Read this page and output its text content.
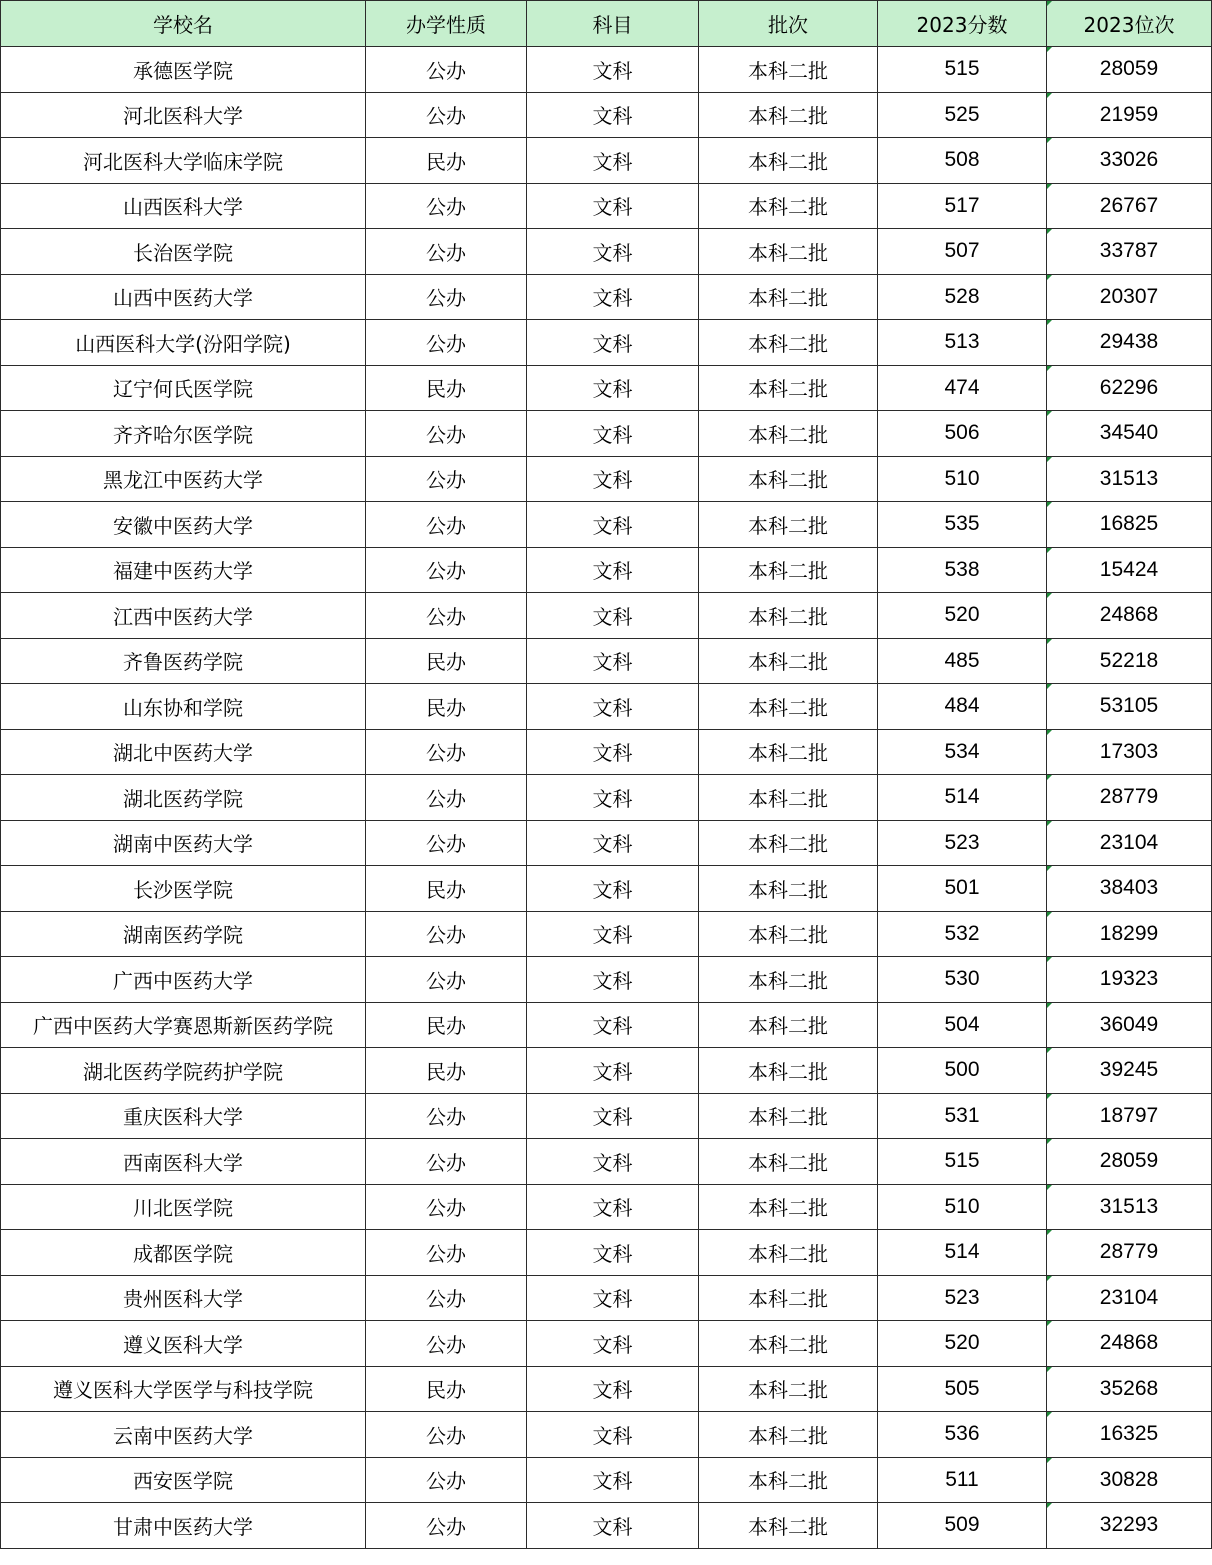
学校名	办学性质	科目	批次	2023分数	2023位次
承德医学院	公办	文科	本科二批	515	28059
河北医科大学	公办	文科	本科二批	525	21959
河北医科大学临床学院	民办	文科	本科二批	508	33026
山西医科大学	公办	文科	本科二批	517	26767
长治医学院	公办	文科	本科二批	507	33787
山西中医药大学	公办	文科	本科二批	528	20307
山西医科大学(汾阳学院)	公办	文科	本科二批	513	29438
辽宁何氏医学院	民办	文科	本科二批	474	62296
齐齐哈尔医学院	公办	文科	本科二批	506	34540
黑龙江中医药大学	公办	文科	本科二批	510	31513
安徽中医药大学	公办	文科	本科二批	535	16825
福建中医药大学	公办	文科	本科二批	538	15424
江西中医药大学	公办	文科	本科二批	520	24868
齐鲁医药学院	民办	文科	本科二批	485	52218
山东协和学院	民办	文科	本科二批	484	53105
湖北中医药大学	公办	文科	本科二批	534	17303
湖北医药学院	公办	文科	本科二批	514	28779
湖南中医药大学	公办	文科	本科二批	523	23104
长沙医学院	民办	文科	本科二批	501	38403
湖南医药学院	公办	文科	本科二批	532	18299
广西中医药大学	公办	文科	本科二批	530	19323
广西中医药大学赛恩斯新医药学院	民办	文科	本科二批	504	36049
湖北医药学院药护学院	民办	文科	本科二批	500	39245
重庆医科大学	公办	文科	本科二批	531	18797
西南医科大学	公办	文科	本科二批	515	28059
川北医学院	公办	文科	本科二批	510	31513
成都医学院	公办	文科	本科二批	514	28779
贵州医科大学	公办	文科	本科二批	523	23104
遵义医科大学	公办	文科	本科二批	520	24868
遵义医科大学医学与科技学院	民办	文科	本科二批	505	35268
云南中医药大学	公办	文科	本科二批	536	16325
西安医学院	公办	文科	本科二批	511	30828
甘肃中医药大学	公办	文科	本科二批	509	32293
